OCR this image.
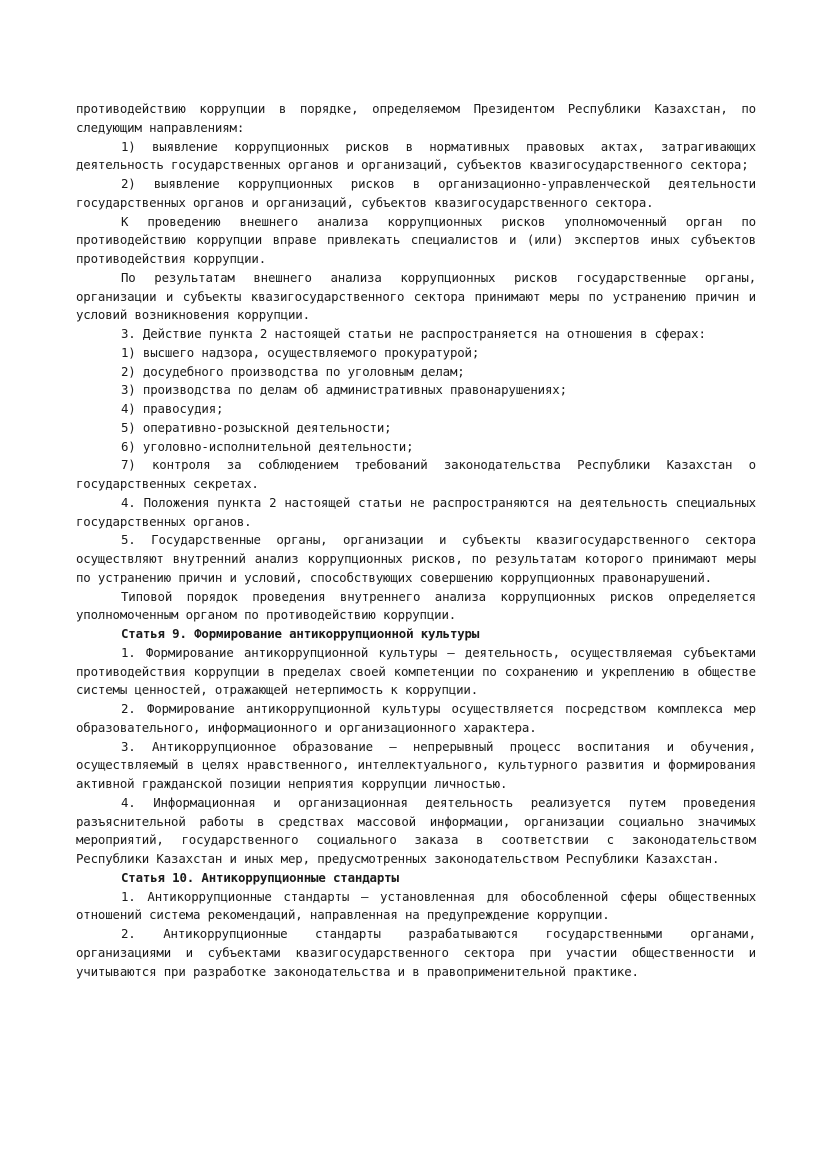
противодействию коррупции в порядке, определяемом Президентом Республики Казахстан, по следующим направлениям:

1) выявление коррупционных рисков в нормативных правовых актах, затрагивающих деятельность государственных органов и организаций, субъектов квазигосударственного сектора;

2) выявление коррупционных рисков в организационно-управленческой деятельности государственных органов и организаций, субъектов квазигосударственного сектора.

К проведению внешнего анализа коррупционных рисков уполномоченный орган по противодействию коррупции вправе привлекать специалистов и (или) экспертов иных субъектов противодействия коррупции.

По результатам внешнего анализа коррупционных рисков государственные органы, организации и субъекты квазигосударственного сектора принимают меры по устранению причин и условий возникновения коррупции.

3. Действие пункта 2 настоящей статьи не распространяется на отношения в сферах:

1) высшего надзора, осуществляемого прокуратурой;

2) досудебного производства по уголовным делам;

3) производства по делам об административных правонарушениях;

4) правосудия;

5) оперативно-розыскной деятельности;

6) уголовно-исполнительной деятельности;

7) контроля за соблюдением требований законодательства Республики Казахстан о государственных секретах.

4. Положения пункта 2 настоящей статьи не распространяются на деятельность специальных государственных органов.

5. Государственные органы, организации и субъекты квазигосударственного сектора осуществляют внутренний анализ коррупционных рисков, по результатам которого принимают меры по устранению причин и условий, способствующих совершению коррупционных правонарушений.

Типовой порядок проведения внутреннего анализа коррупционных рисков определяется уполномоченным органом по противодействию коррупции.

Статья 9. Формирование антикоррупционной культуры

1. Формирование антикоррупционной культуры – деятельность, осуществляемая субъектами противодействия коррупции в пределах своей компетенции по сохранению и укреплению в обществе системы ценностей, отражающей нетерпимость к коррупции.

2. Формирование антикоррупционной культуры осуществляется посредством комплекса мер образовательного, информационного и организационного характера.

3. Антикоррупционное образование – непрерывный процесс воспитания и обучения, осуществляемый в целях нравственного, интеллектуального, культурного развития и формирования активной гражданской позиции неприятия коррупции личностью.

4. Информационная и организационная деятельность реализуется путем проведения разъяснительной работы в средствах массовой информации, организации социально значимых мероприятий, государственного социального заказа в соответствии с законодательством Республики Казахстан и иных мер, предусмотренных законодательством Республики Казахстан.

Статья 10. Антикоррупционные стандарты

1. Антикоррупционные стандарты – установленная для обособленной сферы общественных отношений система рекомендаций, направленная на предупреждение коррупции.

2. Антикоррупционные стандарты разрабатываются государственными органами, организациями и субъектами квазигосударственного сектора при участии общественности и учитываются при разработке законодательства и в правоприменительной практике.
